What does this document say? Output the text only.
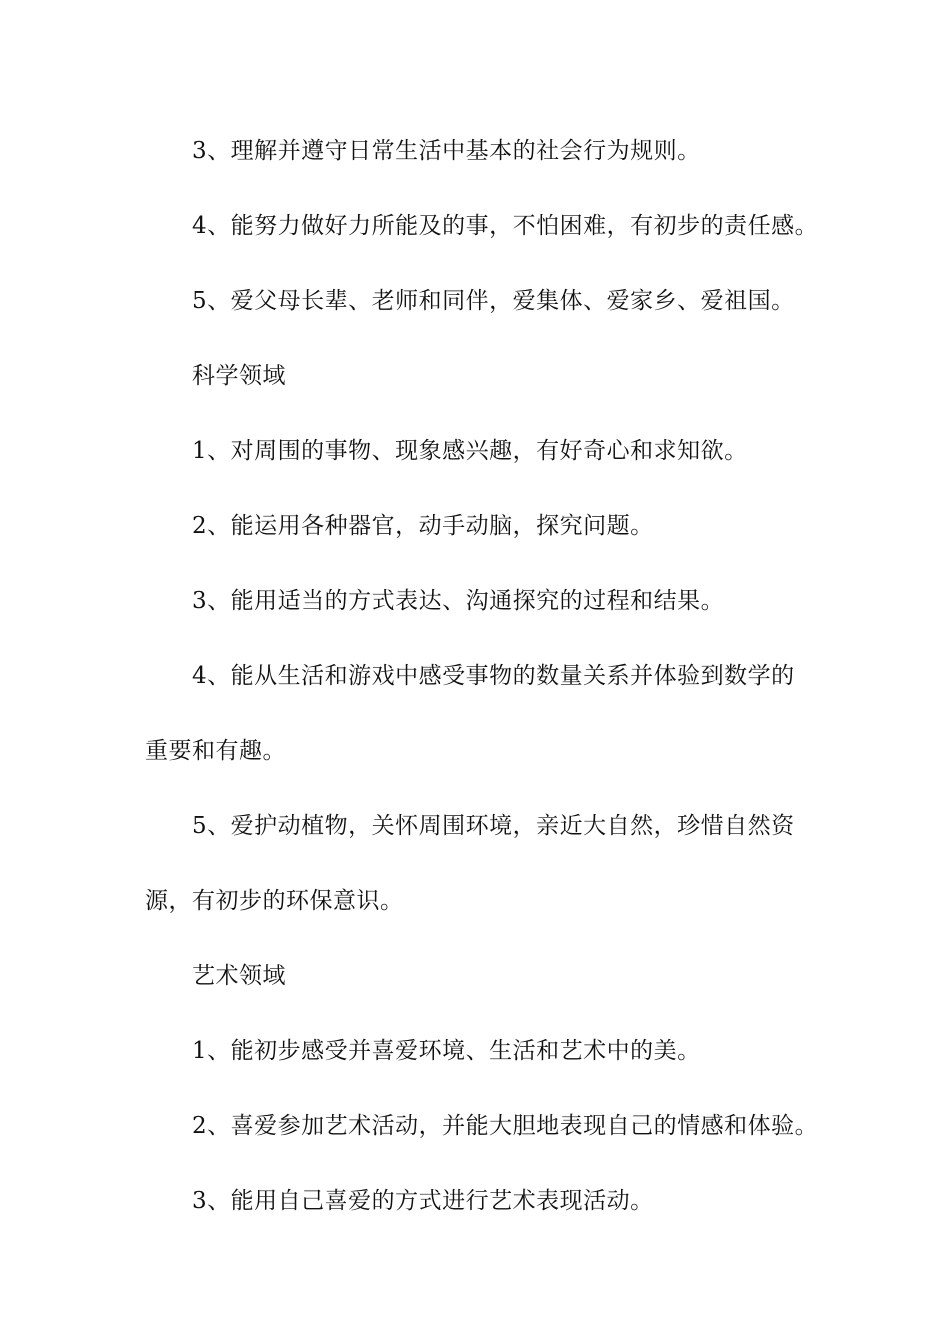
3、理解并遵守日常生活中基本的社会行为规则。
4、能努力做好力所能及的事，不怕困难，有初步的责任感。
5、爱父母长辈、老师和同伴，爱集体、爱家乡、爱祖国。
科学领域
1、对周围的事物、现象感兴趣，有好奇心和求知欲。
2、能运用各种器官，动手动脑，探究问题。
3、能用适当的方式表达、沟通探究的过程和结果。
4、能从生活和游戏中感受事物的数量关系并体验到数学的
重要和有趣。
5、爱护动植物，关怀周围环境，亲近大自然，珍惜自然资
源，有初步的环保意识。
艺术领域
1、能初步感受并喜爱环境、生活和艺术中的美。
2、喜爱参加艺术活动，并能大胆地表现自己的情感和体验。
3、能用自己喜爱的方式进行艺术表现活动。
